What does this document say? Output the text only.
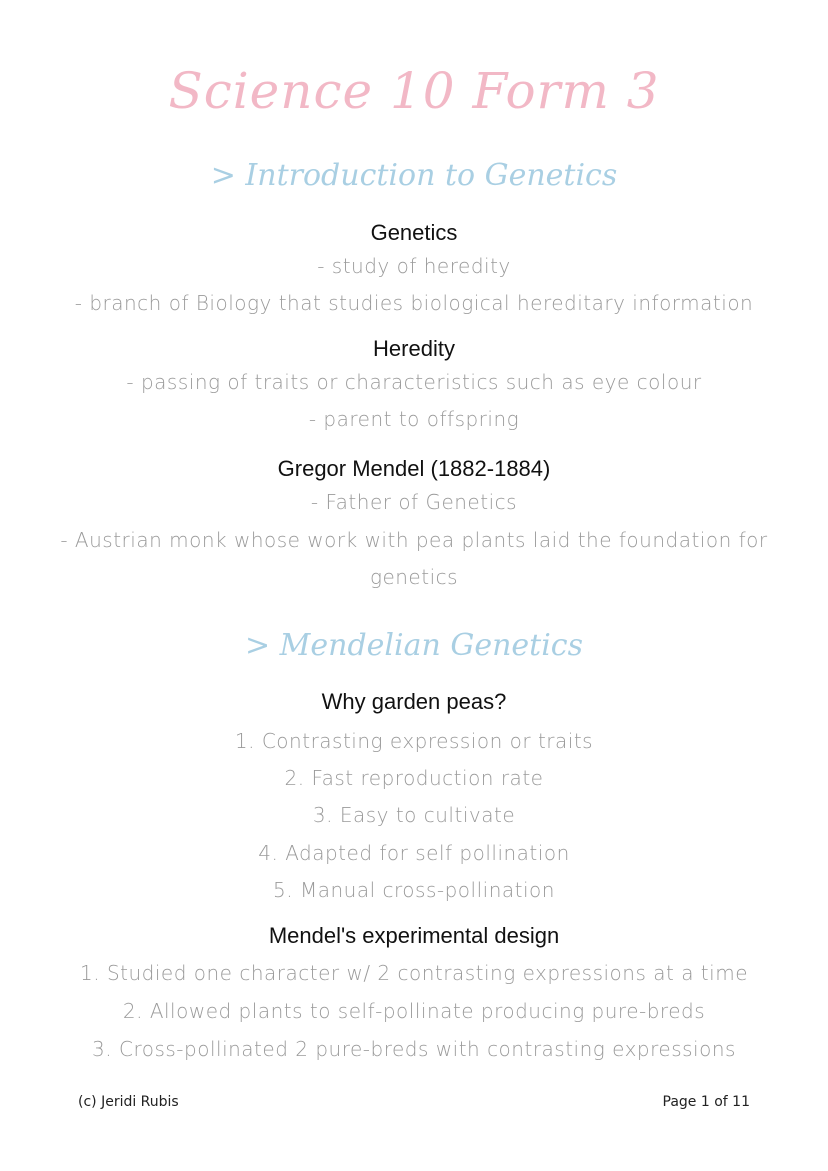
Science 10 Form 3
> Introduction to Genetics
Genetics
- study of heredity
- branch of Biology that studies biological hereditary information
Heredity
- passing of traits or characteristics such as eye colour
- parent to offspring
Gregor Mendel (1882-1884)
- Father of Genetics
- Austrian monk whose work with pea plants laid the foundation for
genetics
> Mendelian Genetics
Why garden peas?
1. Contrasting expression or traits
2. Fast reproduction rate
3. Easy to cultivate
4. Adapted for self pollination
5. Manual cross-pollination
Mendel's experimental design
1. Studied one character w/ 2 contrasting expressions at a time
2. Allowed plants to self-pollinate producing pure-breds
3. Cross-pollinated 2 pure-breds with contrasting expressions
(c) Jeridi Rubis	Page 1 of 11
